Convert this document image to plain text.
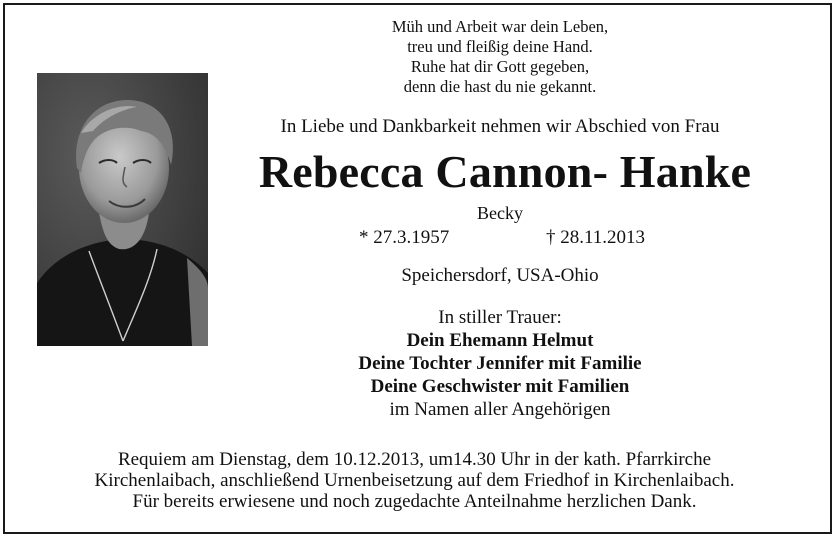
Müh und Arbeit war dein Leben,
treu und fleißig deine Hand.
Ruhe hat dir Gott gegeben,
denn die hast du nie gekannt.
In Liebe und Dankbarkeit nehmen wir Abschied von Frau
Rebecca Cannon- Hanke
Becky
* 27.3.1957	† 28.11.2013
Speichersdorf, USA-Ohio
In stiller Trauer:
Dein Ehemann Helmut
Deine Tochter Jennifer mit Familie
Deine Geschwister mit Familien
im Namen aller Angehörigen
Requiem am Dienstag, dem 10.12.2013, um14.30 Uhr in der kath. Pfarrkirche
Kirchenlaibach, anschließend Urnenbeisetzung auf dem Friedhof in Kirchenlaibach.
Für bereits erwiesene und noch zugedachte Anteilnahme herzlichen Dank.
